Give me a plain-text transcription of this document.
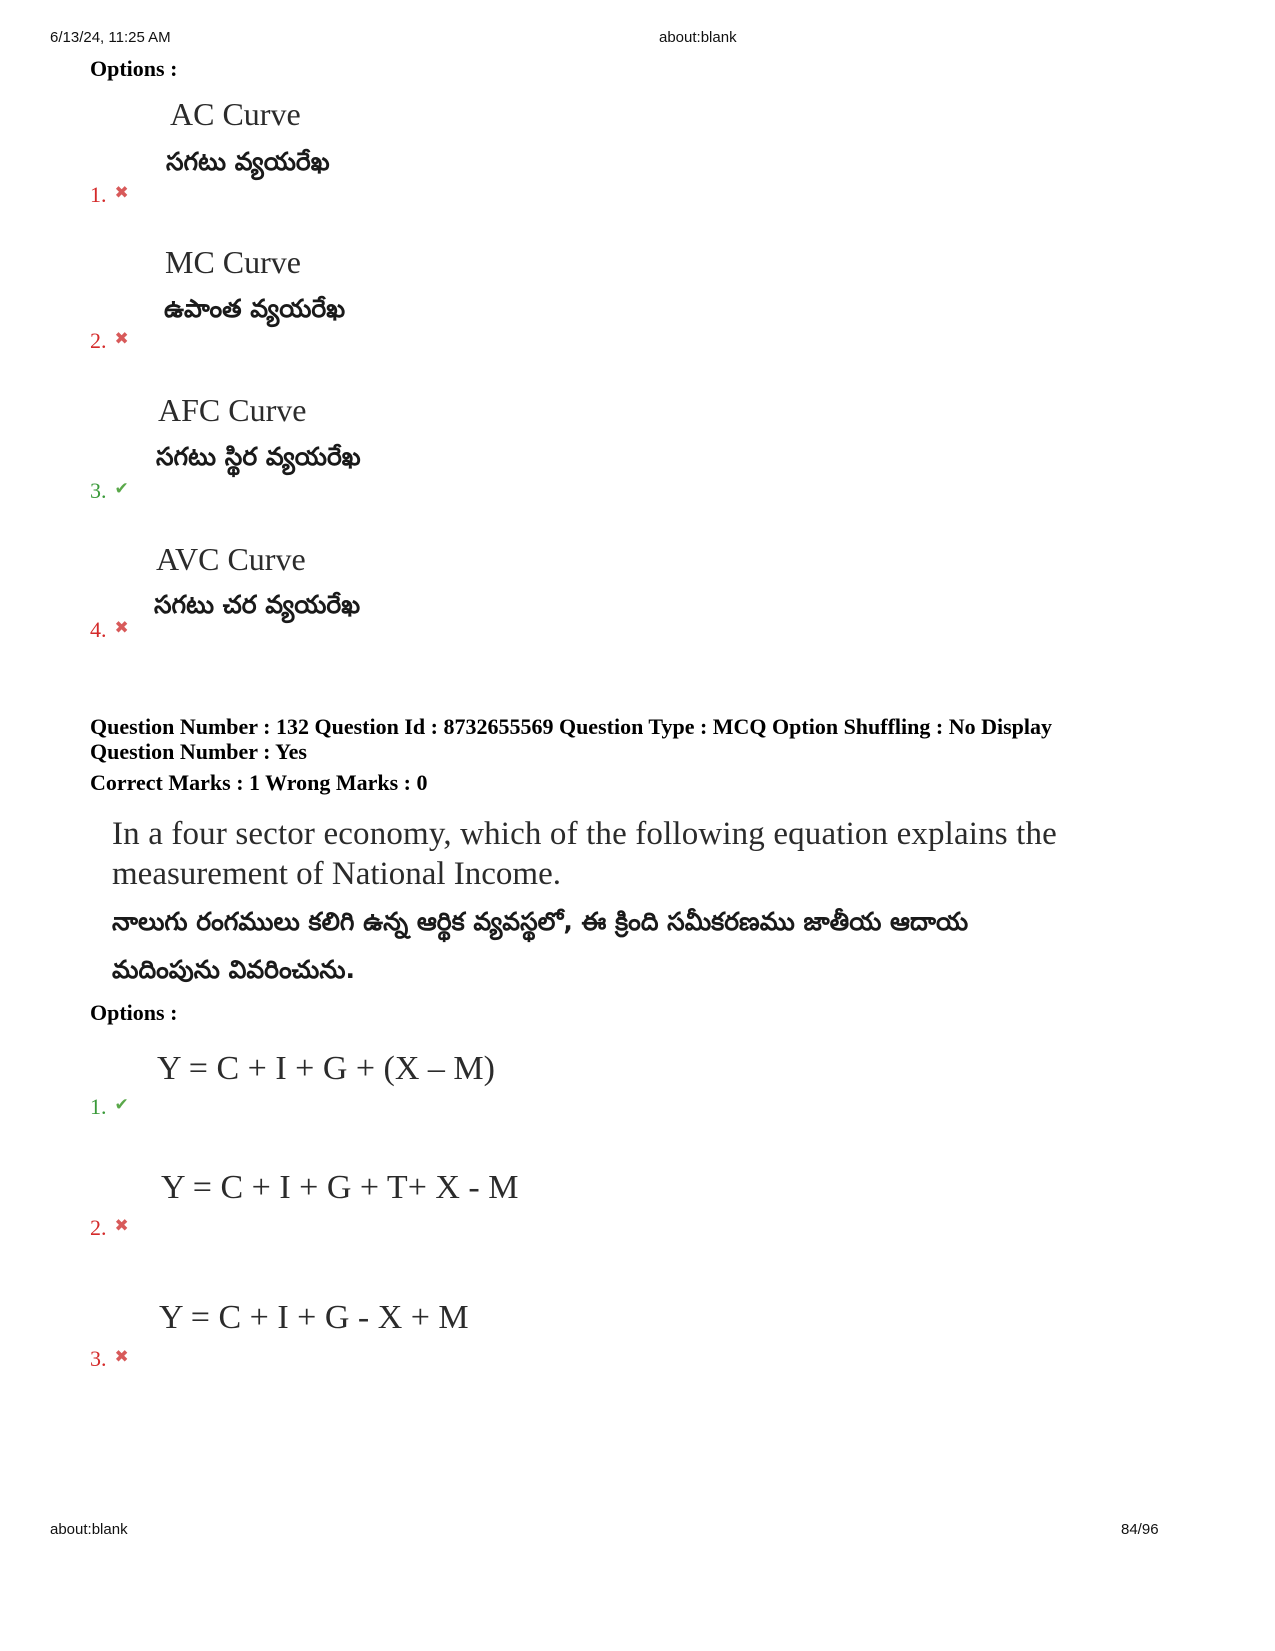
6/13/24, 11:25 AM	about:blank
Options :
AC Curve
సగటు వ్యయరేఖ
1. ✖
MC Curve
ఉపాంత వ్యయరేఖ
2. ✖
AFC Curve
సగటు స్థిర వ్యయరేఖ
3. ✔
AVC Curve
సగటు చర వ్యయరేఖ
4. ✖
Question Number : 132 Question Id : 8732655569 Question Type : MCQ Option Shuffling : No Display
Question Number : Yes
Correct Marks : 1 Wrong Marks : 0
In a four sector economy, which of the following equation explains the
measurement of National Income.
నాలుగు రంగములు కలిగి ఉన్న ఆర్థిక వ్యవస్థలో, ఈ క్రింది సమీకరణము జాతీయ ఆదాయ
మదింపును వివరించును.
Options :
Y = C + I + G + (X – M)
1. ✔
Y = C + I + G + T+ X - M
2. ✖
Y = C + I + G - X + M
3. ✖
about:blank	84/96
